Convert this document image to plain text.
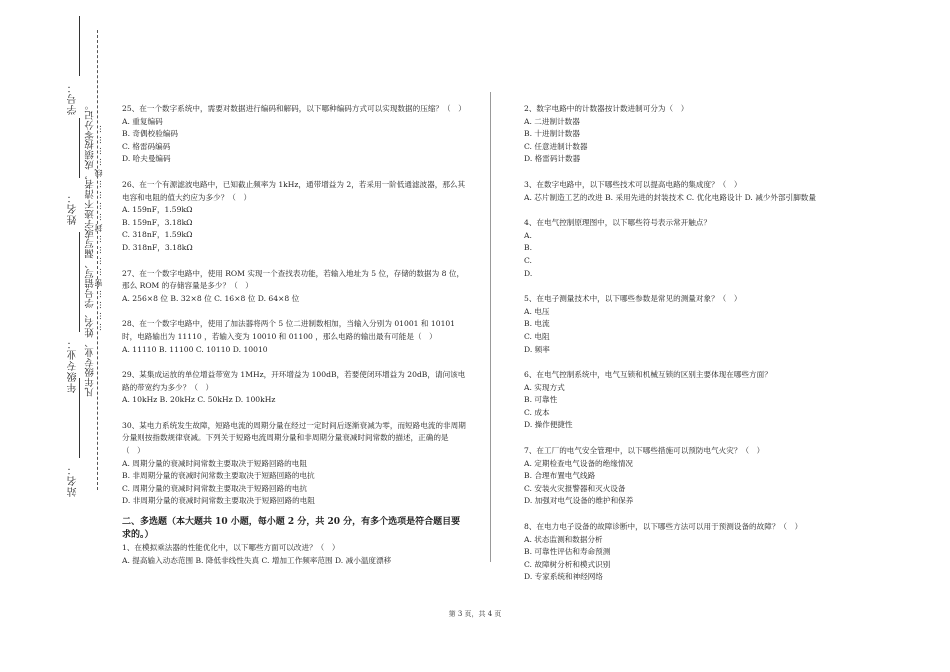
学号：
姓名：
年级专业：
站名：
凡年级专业、姓名、学号错写、漏写或字迹不清者，成绩按零分记。
…………密…………封…………线…………

25、在一个数字系统中，需要对数据进行编码和解码，以下哪种编码方式可以实现数据的压缩？（　）

A. 重复编码

B. 奇偶校验编码

C. 格雷码编码

D. 哈夫曼编码

26、在一个有源滤波电路中，已知截止频率为 1kHz，通带增益为 2，若采用一阶低通滤波器，那么其电容和电阻的值大约应为多少？（　）

A. 159nF，1.59kΩ

B. 159nF，3.18kΩ

C. 318nF，1.59kΩ

D. 318nF，3.18kΩ

27、在一个数字电路中，使用 ROM 实现一个查找表功能，若输入地址为 5 位，存储的数据为 8 位，那么 ROM 的存储容量是多少？（　）

A. 256×8 位 B. 32×8 位 C. 16×8 位 D. 64×8 位

28、在一个数字电路中，使用了加法器将两个 5 位二进制数相加，当输入分别为 01001 和 10101 时，电路输出为 11110 ，若输入变为 10010 和 01100 ，那么电路的输出最有可能是（　）

A. 11110 B. 11100 C. 10110 D. 10010

29、某集成运放的单位增益带宽为 1MHz，开环增益为 100dB，若要使闭环增益为 20dB，请问该电路的带宽约为多少？（　）

A. 10kHz B. 20kHz C. 50kHz D. 100kHz

30、某电力系统发生故障，短路电流的周期分量在经过一定时间后逐渐衰减为零，而短路电流的非周期分量则按指数规律衰减。下列关于短路电流周期分量和非周期分量衰减时间常数的描述，正确的是（　）

A. 周期分量的衰减时间常数主要取决于短路回路的电阻

B. 非周期分量的衰减时间常数主要取决于短路回路的电抗

C. 周期分量的衰减时间常数主要取决于短路回路的电抗

D. 非周期分量的衰减时间常数主要取决于短路回路的电阻

二、多选题（本大题共 10 小题，每小题 2 分，共 20 分，有多个选项是符合题目要求的。）

1、在模拟乘法器的性能优化中，以下哪些方面可以改进？（　）

A. 提高输入动态范围 B. 降低非线性失真 C. 增加工作频率范围 D. 减小温度漂移

2、数字电路中的计数器按计数进制可分为（　）

A. 二进制计数器

B. 十进制计数器

C. 任意进制计数器

D. 格雷码计数器

3、在数字电路中，以下哪些技术可以提高电路的集成度？（　）

A. 芯片制造工艺的改进 B. 采用先进的封装技术 C. 优化电路设计 D. 减少外部引脚数量

4、在电气控制原理图中，以下哪些符号表示常开触点？

A.

B.

C.

D.

5、在电子测量技术中，以下哪些参数是常见的测量对象？（　）

A. 电压

B. 电流

C. 电阻

D. 频率

6、在电气控制系统中，电气互锁和机械互锁的区别主要体现在哪些方面？

A. 实现方式

B. 可靠性

C. 成本

D. 操作便捷性

7、在工厂的电气安全管理中，以下哪些措施可以预防电气火灾？（　）

A. 定期检查电气设备的绝缘情况

B. 合理布置电气线路

C. 安装火灾报警器和灭火设备

D. 加强对电气设备的维护和保养

8、在电力电子设备的故障诊断中，以下哪些方法可以用于预测设备的故障？（　）

A. 状态监测和数据分析

B. 可靠性评估和寿命预测

C. 故障树分析和模式识别

D. 专家系统和神经网络

第 3 页，共 4 页
